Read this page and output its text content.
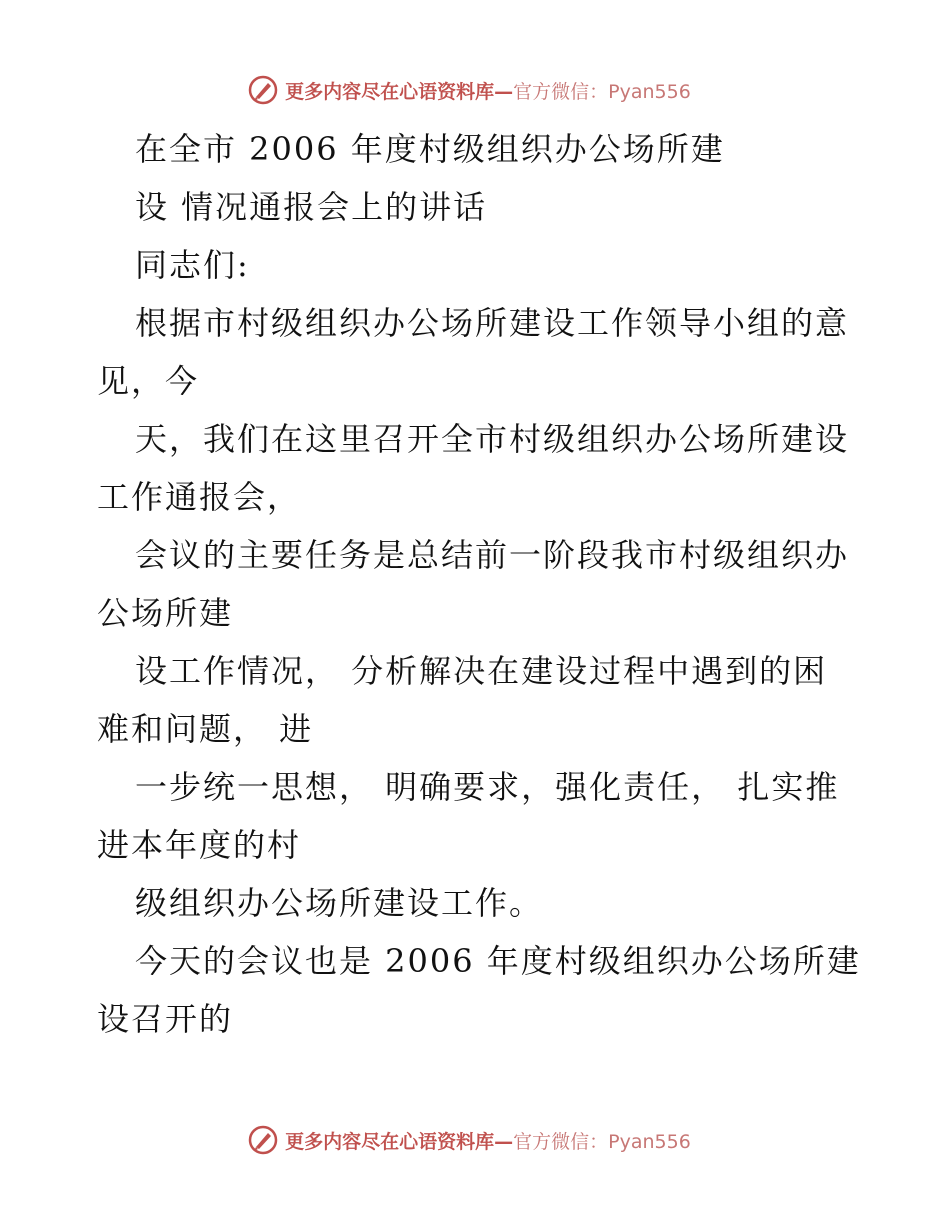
更多内容尽在心语资料库—官方微信：Pyan556
在全市 2006 年度村级组织办公场所建
设 情况通报会上的讲话
同志们:
根据市村级组织办公场所建设工作领导小组的意
见，今
天，我们在这里召开全市村级组织办公场所建设
工作通报会，
会议的主要任务是总结前一阶段我市村级组织办
公场所建
设工作情况， 分析解决在建设过程中遇到的困
难和问题， 进
一步统一思想， 明确要求，强化责任， 扎实推
进本年度的村
级组织办公场所建设工作。
今天的会议也是 2006 年度村级组织办公场所建
设召开的
更多内容尽在心语资料库—官方微信：Pyan556
